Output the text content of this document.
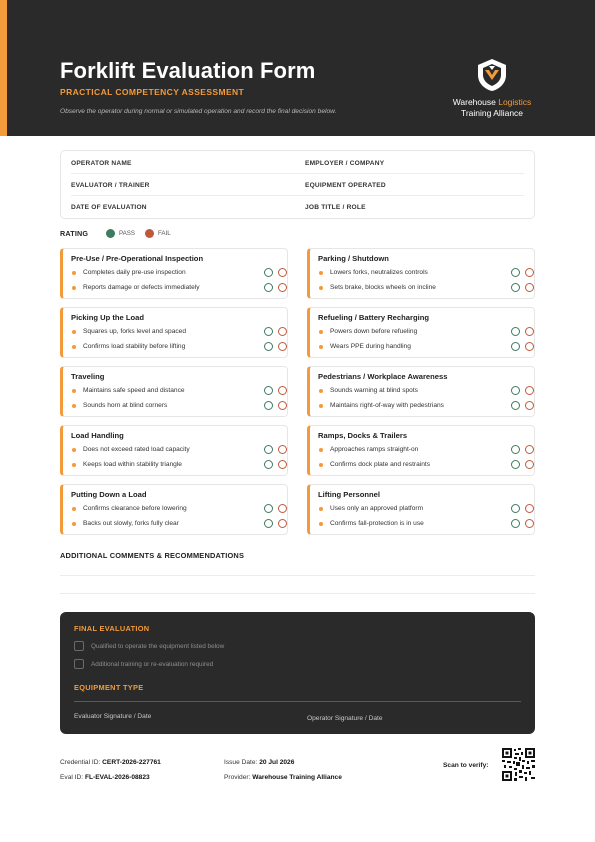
Forklift Evaluation Form
PRACTICAL COMPETENCY ASSESSMENT
Observe the operator during normal or simulated operation and record the final decision below.
Warehouse Logistics
Training Alliance
OPERATOR NAME	EMPLOYER / COMPANY
EVALUATOR / TRAINER	EQUIPMENT OPERATED
DATE OF EVALUATION	JOB TITLE / ROLE
RATING	PASS	FAIL
Pre-Use / Pre-Operational Inspection
Completes daily pre-use inspection
Reports damage or defects immediately
Parking / Shutdown
Lowers forks, neutralizes controls
Sets brake, blocks wheels on incline
Picking Up the Load
Squares up, forks level and spaced
Confirms load stability before lifting
Refueling / Battery Recharging
Powers down before refueling
Wears PPE during handling
Traveling
Maintains safe speed and distance
Sounds horn at blind corners
Pedestrians / Workplace Awareness
Sounds warning at blind spots
Maintains right-of-way with pedestrians
Load Handling
Does not exceed rated load capacity
Keeps load within stability triangle
Ramps, Docks & Trailers
Approaches ramps straight-on
Confirms dock plate and restraints
Putting Down a Load
Confirms clearance before lowering
Backs out slowly, forks fully clear
Lifting Personnel
Uses only an approved platform
Confirms fall-protection is in use
ADDITIONAL COMMENTS & RECOMMENDATIONS
FINAL EVALUATION
Qualified to operate the equipment listed below
Additional training or re-evaluation required
EQUIPMENT TYPE
Evaluator Signature / Date	Operator Signature / Date
Credential ID: CERT-2026-227761
Eval ID: FL-EVAL-2026-08823
Issue Date: 20 Jul 2026
Provider: Warehouse Training Alliance
Scan to verify:
